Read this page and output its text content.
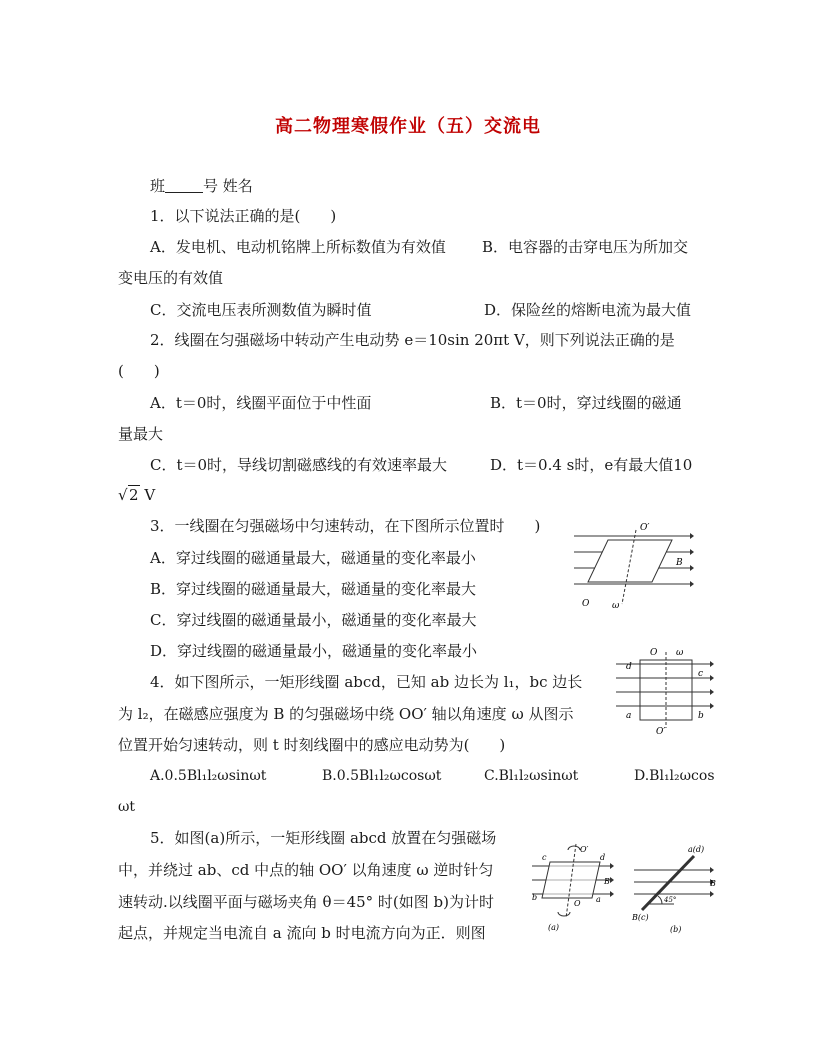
高二物理寒假作业（五）交流电
班	号 姓名
1．以下说法正确的是(　　)
A．发电机、电动机铭牌上所标数值为有效值 B．电容器的击穿电压为所加交
变电压的有效值
C．交流电压表所测数值为瞬时值	D．保险丝的熔断电流为最大值
2．线圈在匀强磁场中转动产生电动势 e＝10sin 20πt V，则下列说法正确的是
(　　)
A．t＝0时，线圈平面位于中性面	B．t＝0时，穿过线圈的磁通
量最大
C．t＝0时，导线切割磁感线的有效速率最大	D．t＝0.4 s时，e有最大值10
√ 2 V
3．一线圈在匀强磁场中匀速转动，在下图所示位置时　　)
A．穿过线圈的磁通量最大，磁通量的变化率最小
B．穿过线圈的磁通量最大，磁通量的变化率最大
C．穿过线圈的磁通量最小，磁通量的变化率最大
D．穿过线圈的磁通量最小，磁通量的变化率最小
O′
B
O	ω
4．如下图所示，一矩形线圈 abcd，已知 ab 边长为 l₁，bc 边长
为 l₂，在磁感应强度为 B 的匀强磁场中绕 OO′ 轴以角速度 ω 从图示
位置开始匀速转动，则 t 时刻线圈中的感应电动势为(　　)
A.0.5Bl₁l₂ωsinωt	B.0.5Bl₁l₂ωcosωt	C.Bl₁l₂ωsinωt	D.Bl₁l₂ωcos
ωt
O ω
d
c
a	b
O′
5．如图(a)所示，一矩形线圈 abcd 放置在匀强磁场
中，并绕过 ab、cd 中点的轴 OO′ 以角速度 ω 逆时针匀
速转动.以线圈平面与磁场夹角 θ＝45° 时(如图 b)为计时
起点，并规定当电流自 a 流向 b 时电流方向为正．则图
O′
c	d
B
b	a
O
(a)
a(d)
B
45°
B(c)
(b)
